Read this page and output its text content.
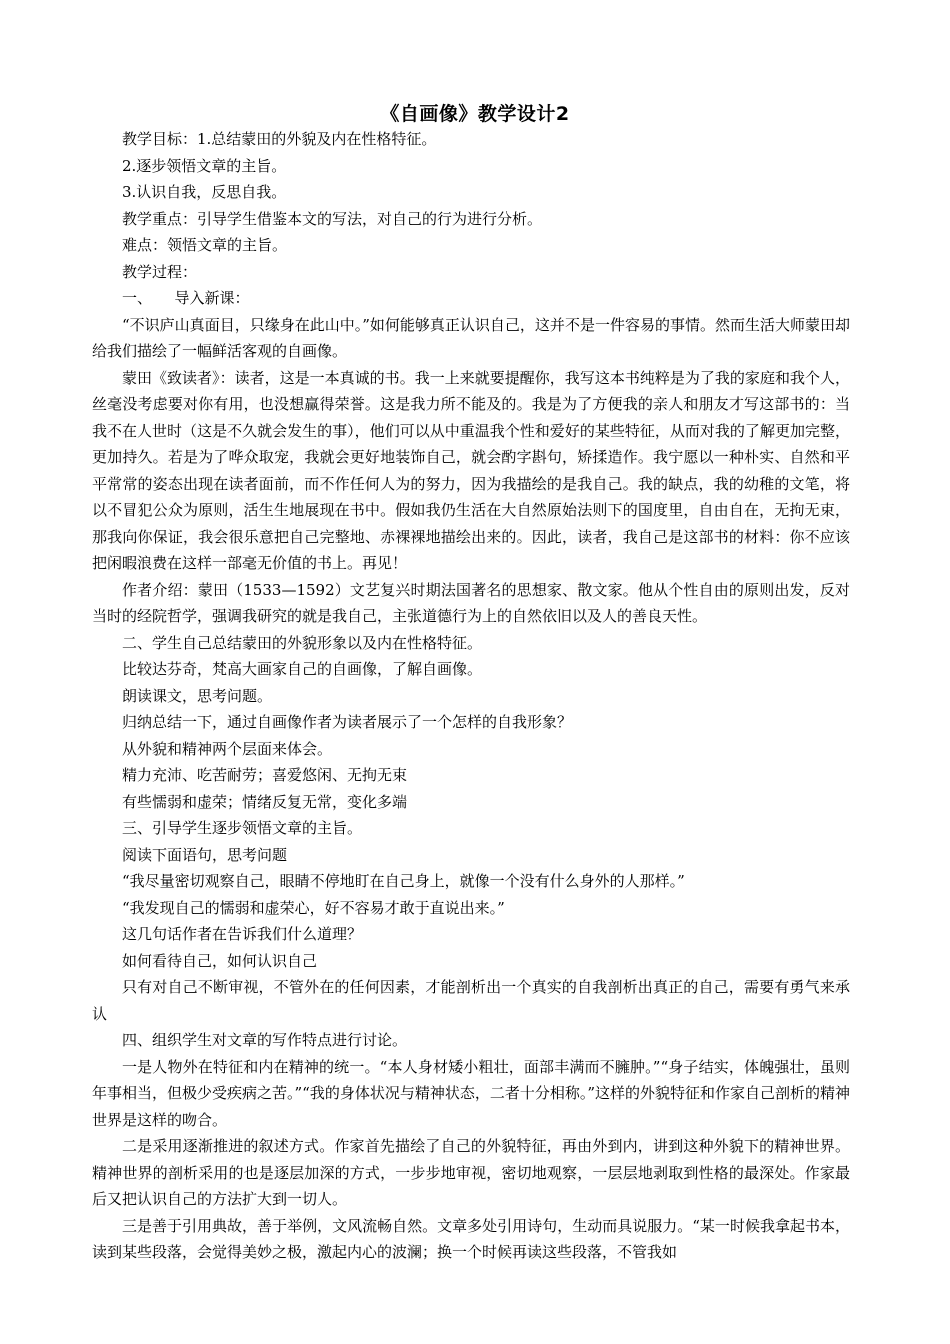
《自画像》教学设计2

教学目标：1.总结蒙田的外貌及内在性格特征。

2.逐步领悟文章的主旨。

3.认识自我，反思自我。

教学重点：引导学生借鉴本文的写法，对自己的行为进行分析。

难点：领悟文章的主旨。

教学过程：

一、　　导入新课：

“不识庐山真面目，只缘身在此山中。”如何能够真正认识自己，这并不是一件容易的事情。然而生活大师蒙田却给我们描绘了一幅鲜活客观的自画像。

蒙田《致读者》：读者，这是一本真诚的书。我一上来就要提醒你，我写这本书纯粹是为了我的家庭和我个人，丝毫没考虑要对你有用，也没想赢得荣誉。这是我力所不能及的。我是为了方便我的亲人和朋友才写这部书的：当我不在人世时（这是不久就会发生的事），他们可以从中重温我个性和爱好的某些特征，从而对我的了解更加完整，更加持久。若是为了哗众取宠，我就会更好地装饰自己，就会酌字斟句，矫揉造作。我宁愿以一种朴实、自然和平平常常的姿态出现在读者面前，而不作任何人为的努力，因为我描绘的是我自己。我的缺点，我的幼稚的文笔，将以不冒犯公众为原则，活生生地展现在书中。假如我仍生活在大自然原始法则下的国度里，自由自在，无拘无束，那我向你保证，我会很乐意把自己完整地、赤裸裸地描绘出来的。因此，读者，我自己是这部书的材料：你不应该把闲暇浪费在这样一部毫无价值的书上。再见！

作者介绍：蒙田（1533—1592）文艺复兴时期法国著名的思想家、散文家。他从个性自由的原则出发，反对当时的经院哲学，强调我研究的就是我自己，主张道德行为上的自然依旧以及人的善良天性。

二、学生自己总结蒙田的外貌形象以及内在性格特征。

比较达芬奇，梵高大画家自己的自画像，了解自画像。

朗读课文，思考问题。

归纳总结一下，通过自画像作者为读者展示了一个怎样的自我形象？

从外貌和精神两个层面来体会。

精力充沛、吃苦耐劳；喜爱悠闲、无拘无束

有些懦弱和虚荣；情绪反复无常，变化多端

三、引导学生逐步领悟文章的主旨。

阅读下面语句，思考问题

“我尽量密切观察自己，眼睛不停地盯在自己身上，就像一个没有什么身外的人那样。”

“我发现自己的懦弱和虚荣心，好不容易才敢于直说出来。”

这几句话作者在告诉我们什么道理？

如何看待自己，如何认识自己

只有对自己不断审视，不管外在的任何因素，才能剖析出一个真实的自我剖析出真正的自己，需要有勇气来承认

四、组织学生对文章的写作特点进行讨论。

一是人物外在特征和内在精神的统一。“本人身材矮小粗壮，面部丰满而不臃肿。”“身子结实，体魄强壮，虽则年事相当，但极少受疾病之苦。”“我的身体状况与精神状态，二者十分相称。”这样的外貌特征和作家自己剖析的精神世界是这样的吻合。

二是采用逐渐推进的叙述方式。作家首先描绘了自己的外貌特征，再由外到内，讲到这种外貌下的精神世界。精神世界的剖析采用的也是逐层加深的方式，一步步地审视，密切地观察，一层层地剥取到性格的最深处。作家最后又把认识自己的方法扩大到一切人。

三是善于引用典故，善于举例，文风流畅自然。文章多处引用诗句，生动而具说服力。“某一时候我拿起书本，读到某些段落，会觉得美妙之极，激起内心的波澜；换一个时候再读这些段落，不管我如
